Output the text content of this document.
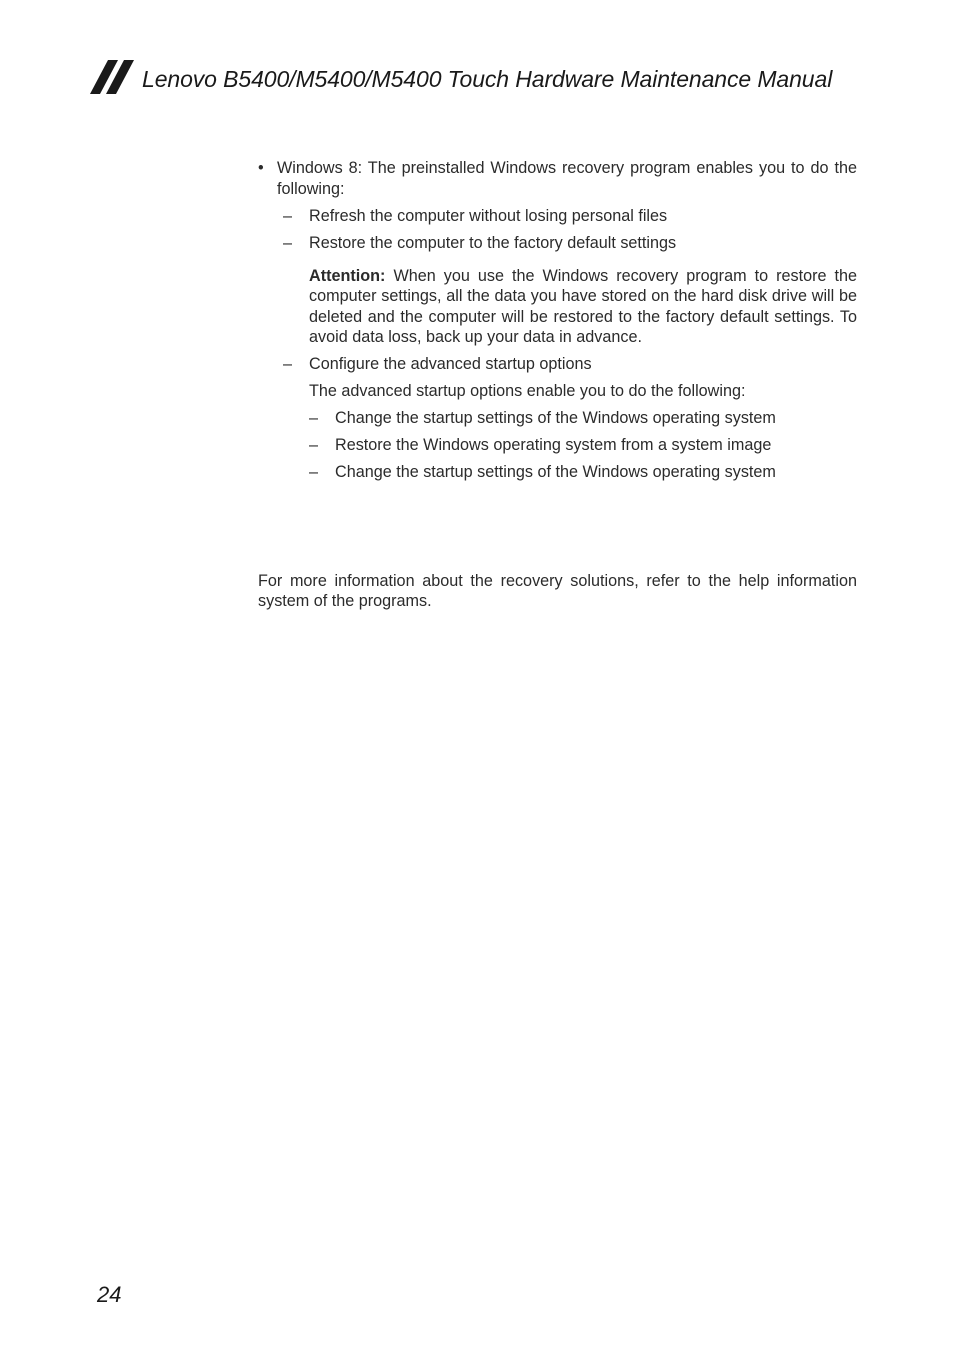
Lenovo B5400/M5400/M5400 Touch Hardware Maintenance Manual
• Windows 8: The preinstalled Windows recovery program enables you to do the following:
– Refresh the computer without losing personal files
– Restore the computer to the factory default settings
Attention: When you use the Windows recovery program to restore the computer settings, all the data you have stored on the hard disk drive will be deleted and the computer will be restored to the factory default settings. To avoid data loss, back up your data in advance.
– Configure the advanced startup options
The advanced startup options enable you to do the following:
– Change the startup settings of the Windows operating system
– Restore the Windows operating system from a system image
– Change the startup settings of the Windows operating system
For more information about the recovery solutions, refer to the help information system of the programs.
24
